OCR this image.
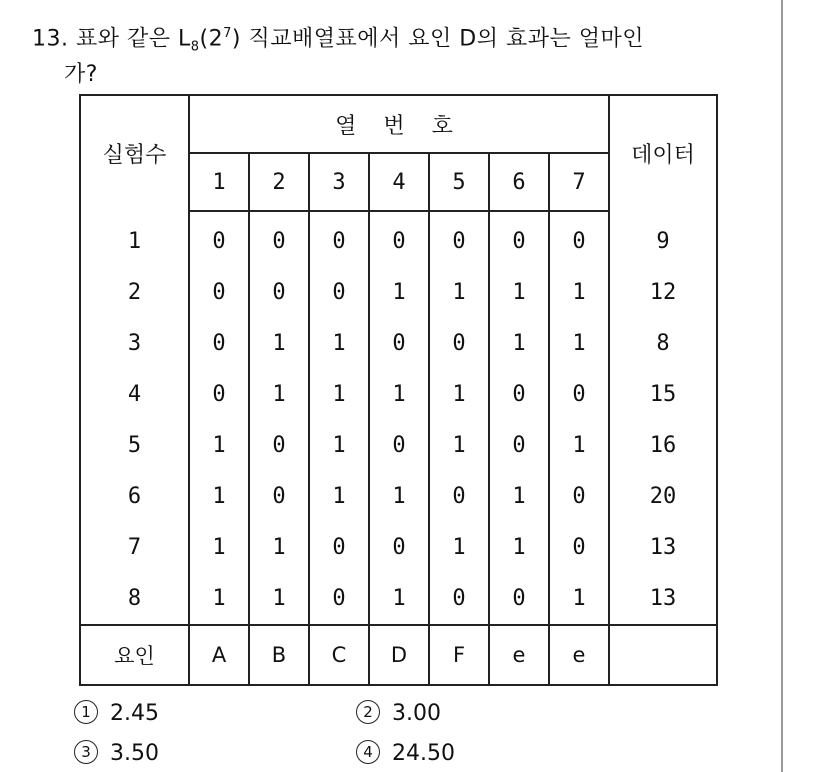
13. 표와 같은 $L_8(2^7)$ 직교배열표에서 요인 D의 효과는 얼마인
가?
실험수	열 번 호							데이터
	1	2	3	4	5	6	7	
1	0	0	0	0	0	0	0	9
2	0	0	0	1	1	1	1	12
3	0	1	1	0	0	1	1	8
4	0	1	1	1	1	0	0	15
5	1	0	1	0	1	0	1	16
6	1	0	1	1	0	1	0	20
7	1	1	0	0	1	1	0	13
8	1	1	0	1	0	0	1	13
요인	A	B	C	D	F	e	e	
1 2.45	2 3.00
3 3.50	4 24.50
